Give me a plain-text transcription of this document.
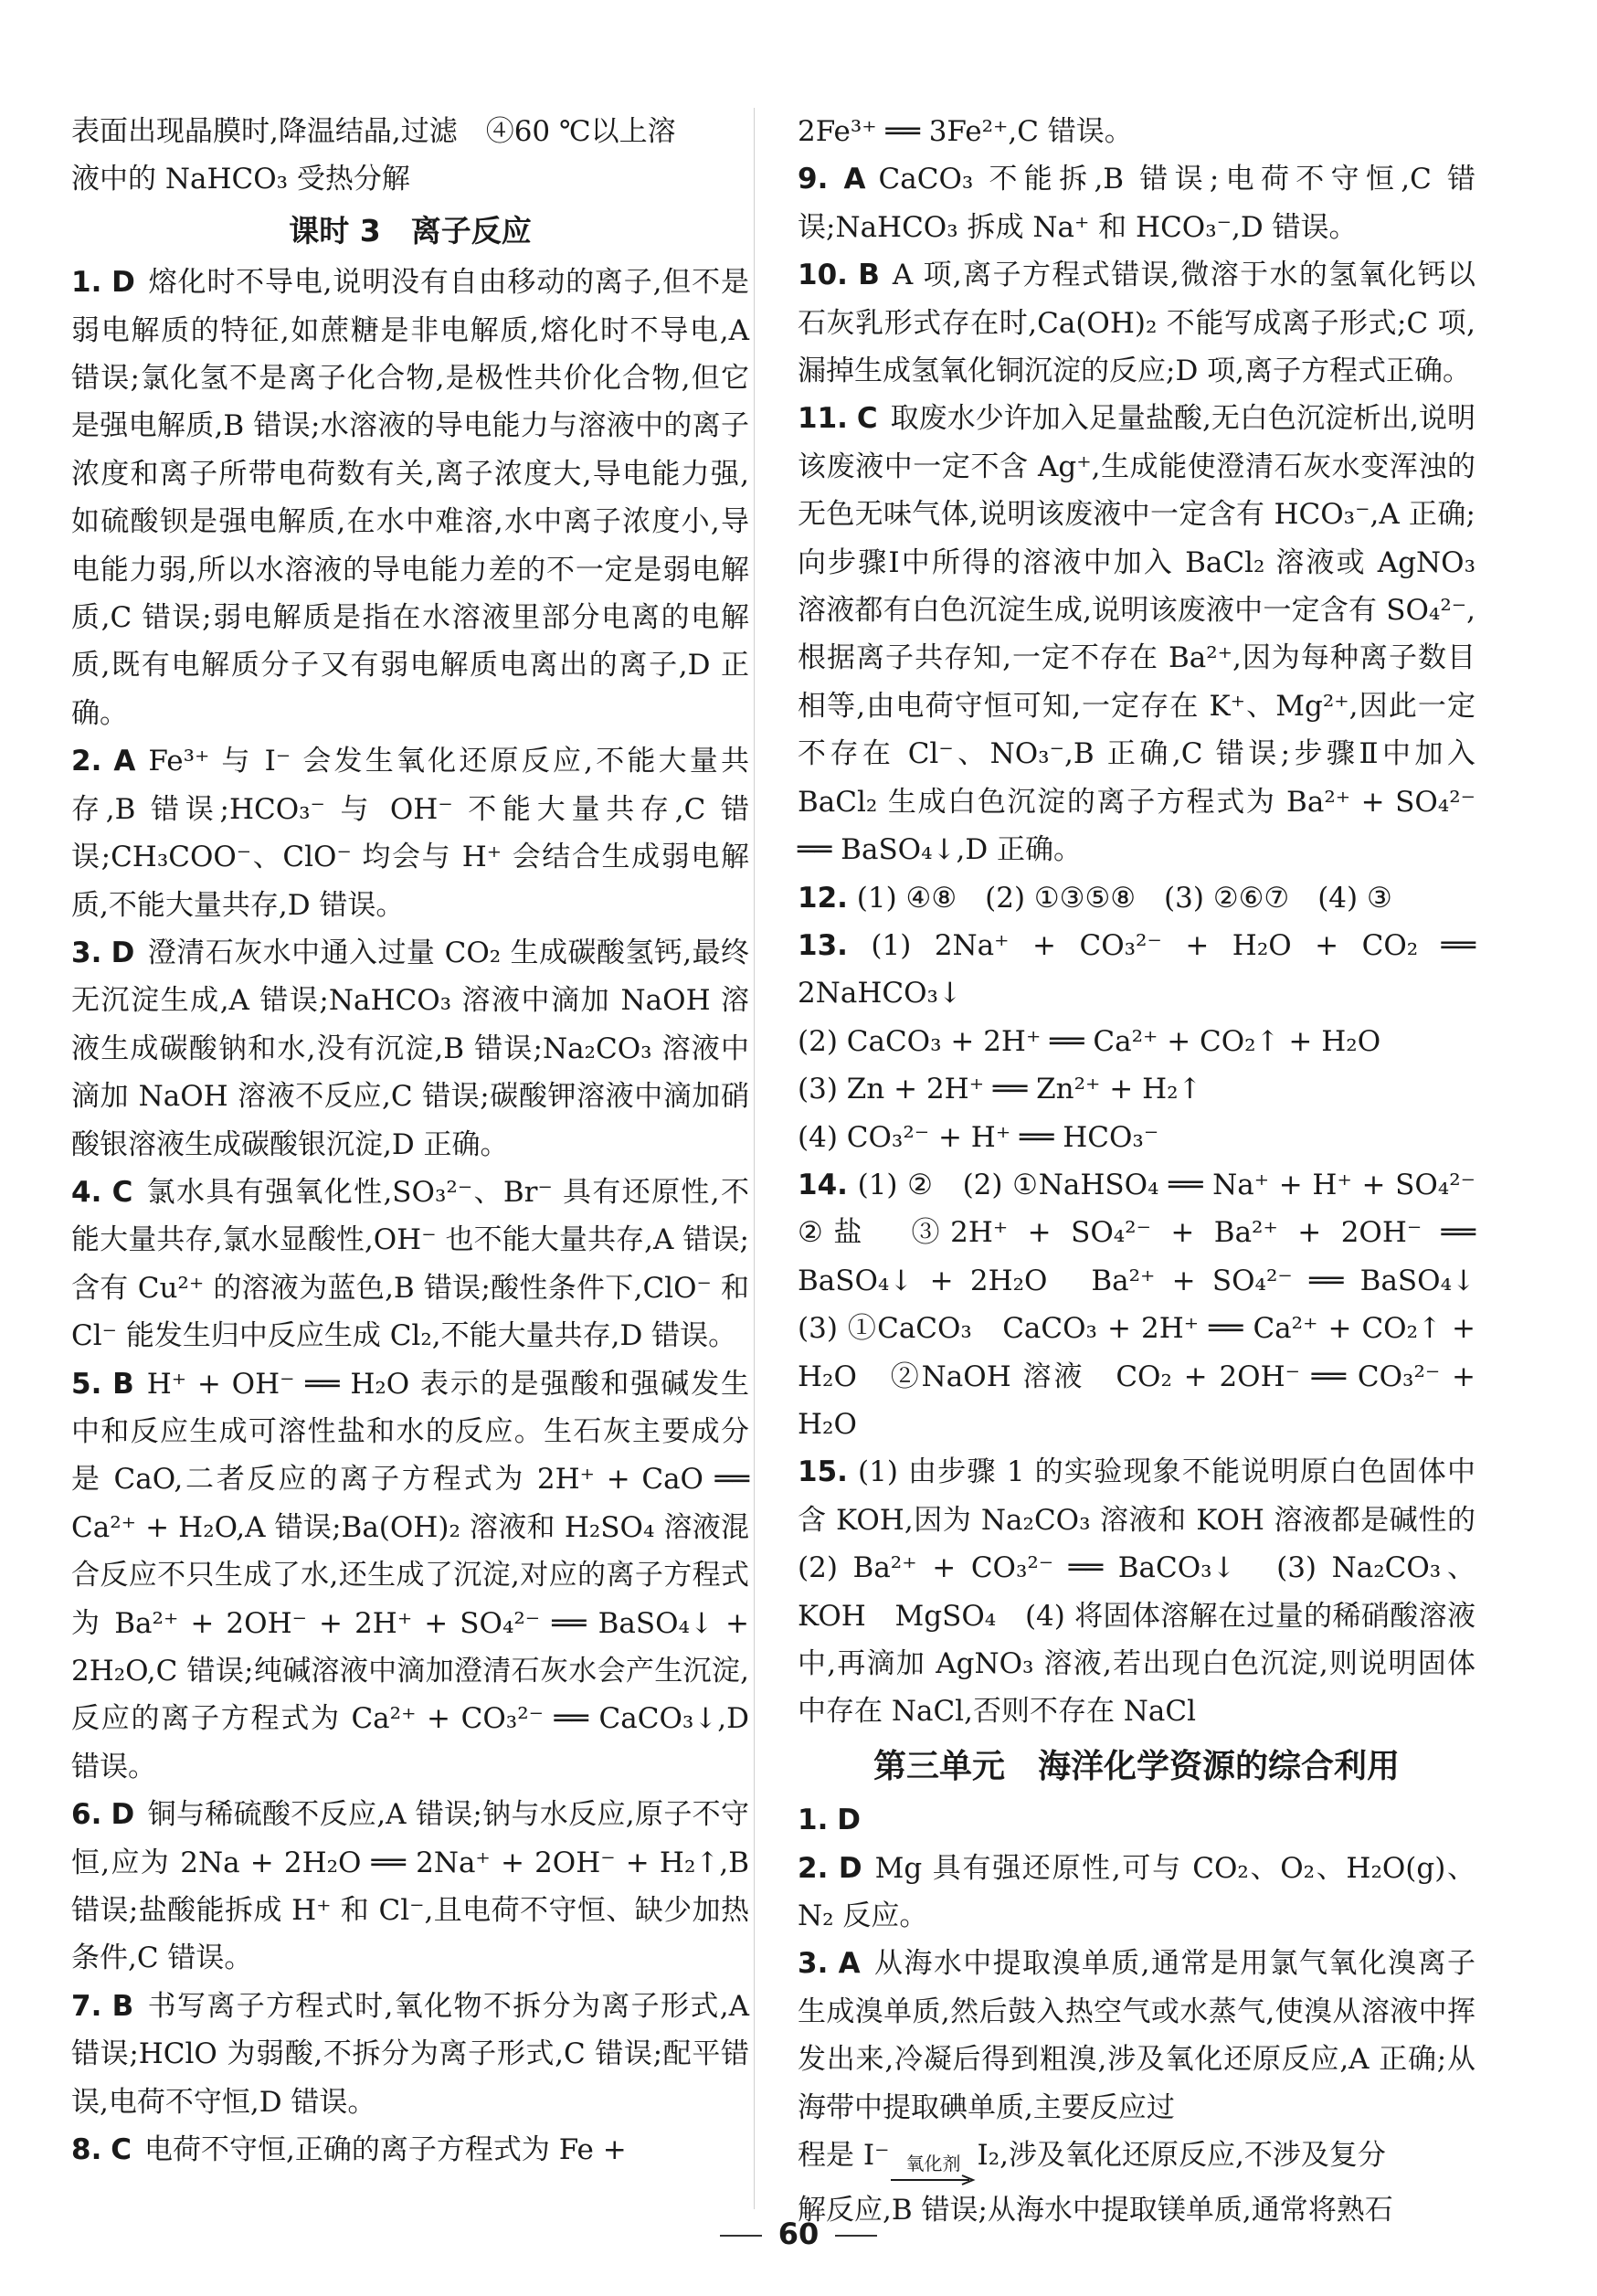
表面出现晶膜时,降温结晶,过滤　④60 ℃以上溶

液中的 NaHCO₃ 受热分解

课时 3　离子反应

1. D 熔化时不导电,说明没有自由移动的离子,但不是弱电解质的特征,如蔗糖是非电解质,熔化时不导电,A 错误;氯化氢不是离子化合物,是极性共价化合物,但它是强电解质,B 错误;水溶液的导电能力与溶液中的离子浓度和离子所带电荷数有关,离子浓度大,导电能力强,如硫酸钡是强电解质,在水中难溶,水中离子浓度小,导电能力弱,所以水溶液的导电能力差的不一定是弱电解质,C 错误;弱电解质是指在水溶液里部分电离的电解质,既有电解质分子又有弱电解质电离出的离子,D 正确。

2. A Fe³⁺ 与 I⁻ 会发生氧化还原反应,不能大量共存,B 错误;HCO₃⁻ 与 OH⁻ 不能大量共存,C 错误;CH₃COO⁻、ClO⁻ 均会与 H⁺ 会结合生成弱电解质,不能大量共存,D 错误。

3. D 澄清石灰水中通入过量 CO₂ 生成碳酸氢钙,最终无沉淀生成,A 错误;NaHCO₃ 溶液中滴加 NaOH 溶液生成碳酸钠和水,没有沉淀,B 错误;Na₂CO₃ 溶液中滴加 NaOH 溶液不反应,C 错误;碳酸钾溶液中滴加硝酸银溶液生成碳酸银沉淀,D 正确。

4. C 氯水具有强氧化性,SO₃²⁻、Br⁻ 具有还原性,不能大量共存,氯水显酸性,OH⁻ 也不能大量共存,A 错误;含有 Cu²⁺ 的溶液为蓝色,B 错误;酸性条件下,ClO⁻ 和 Cl⁻ 能发生归中反应生成 Cl₂,不能大量共存,D 错误。

5. B H⁺ + OH⁻ ══ H₂O 表示的是强酸和强碱发生中和反应生成可溶性盐和水的反应。生石灰主要成分是 CaO,二者反应的离子方程式为 2H⁺ + CaO ══ Ca²⁺ + H₂O,A 错误;Ba(OH)₂ 溶液和 H₂SO₄ 溶液混合反应不只生成了水,还生成了沉淀,对应的离子方程式为 Ba²⁺ + 2OH⁻ + 2H⁺ + SO₄²⁻ ══ BaSO₄↓ + 2H₂O,C 错误;纯碱溶液中滴加澄清石灰水会产生沉淀,反应的离子方程式为 Ca²⁺ + CO₃²⁻ ══ CaCO₃↓,D 错误。

6. D 铜与稀硫酸不反应,A 错误;钠与水反应,原子不守恒,应为 2Na + 2H₂O ══ 2Na⁺ + 2OH⁻ + H₂↑,B 错误;盐酸能拆成 H⁺ 和 Cl⁻,且电荷不守恒、缺少加热条件,C 错误。

7. B 书写离子方程式时,氧化物不拆分为离子形式,A 错误;HClO 为弱酸,不拆分为离子形式,C 错误;配平错误,电荷不守恒,D 错误。

8. C 电荷不守恒,正确的离子方程式为 Fe +

2Fe³⁺ ══ 3Fe²⁺,C 错误。

9. A CaCO₃ 不能拆,B 错误;电荷不守恒,C 错误;NaHCO₃ 拆成 Na⁺ 和 HCO₃⁻,D 错误。

10. B A 项,离子方程式错误,微溶于水的氢氧化钙以石灰乳形式存在时,Ca(OH)₂ 不能写成离子形式;C 项,漏掉生成氢氧化铜沉淀的反应;D 项,离子方程式正确。

11. C 取废水少许加入足量盐酸,无白色沉淀析出,说明该废液中一定不含 Ag⁺,生成能使澄清石灰水变浑浊的无色无味气体,说明该废液中一定含有 HCO₃⁻,A 正确;向步骤Ⅰ中所得的溶液中加入 BaCl₂ 溶液或 AgNO₃ 溶液都有白色沉淀生成,说明该废液中一定含有 SO₄²⁻,根据离子共存知,一定不存在 Ba²⁺,因为每种离子数目相等,由电荷守恒可知,一定存在 K⁺、Mg²⁺,因此一定不存在 Cl⁻、NO₃⁻,B 正确,C 错误;步骤Ⅱ中加入 BaCl₂ 生成白色沉淀的离子方程式为 Ba²⁺ + SO₄²⁻ ══ BaSO₄↓,D 正确。

12. (1) ④⑧　(2) ①③⑤⑧　(3) ②⑥⑦　(4) ③

13. (1) 2Na⁺ + CO₃²⁻ + H₂O + CO₂ ══ 2NaHCO₃↓

(2) CaCO₃ + 2H⁺ ══ Ca²⁺ + CO₂↑ + H₂O

(3) Zn + 2H⁺ ══ Zn²⁺ + H₂↑

(4) CO₃²⁻ + H⁺ ══ HCO₃⁻

14. (1) ②　(2) ①NaHSO₄ ══ Na⁺ + H⁺ + SO₄²⁻　②盐　③2H⁺ + SO₄²⁻ + Ba²⁺ + 2OH⁻ ══ BaSO₄↓ + 2H₂O　Ba²⁺ + SO₄²⁻ ══ BaSO₄↓　(3) ①CaCO₃　CaCO₃ + 2H⁺ ══ Ca²⁺ + CO₂↑ + H₂O　②NaOH 溶液　CO₂ + 2OH⁻ ══ CO₃²⁻ + H₂O

15. (1) 由步骤 1 的实验现象不能说明原白色固体中含 KOH,因为 Na₂CO₃ 溶液和 KOH 溶液都是碱性的　(2) Ba²⁺ + CO₃²⁻ ══ BaCO₃↓　(3) Na₂CO₃、KOH　MgSO₄　(4) 将固体溶解在过量的稀硝酸溶液中,再滴加 AgNO₃ 溶液,若出现白色沉淀,则说明固体中存在 NaCl,否则不存在 NaCl

第三单元　海洋化学资源的综合利用

1. D

2. D Mg 具有强还原性,可与 CO₂、O₂、H₂O(g)、N₂ 反应。

3. A 从海水中提取溴单质,通常是用氯气氧化溴离子生成溴单质,然后鼓入热空气或水蒸气,使溴从溶液中挥发出来,冷凝后得到粗溴,涉及氧化还原反应,A 正确;从海带中提取碘单质,主要反应过

程是 I⁻ 氧化剂 I₂,涉及氧化还原反应,不涉及复分

解反应,B 错误;从海水中提取镁单质,通常将熟石

60
